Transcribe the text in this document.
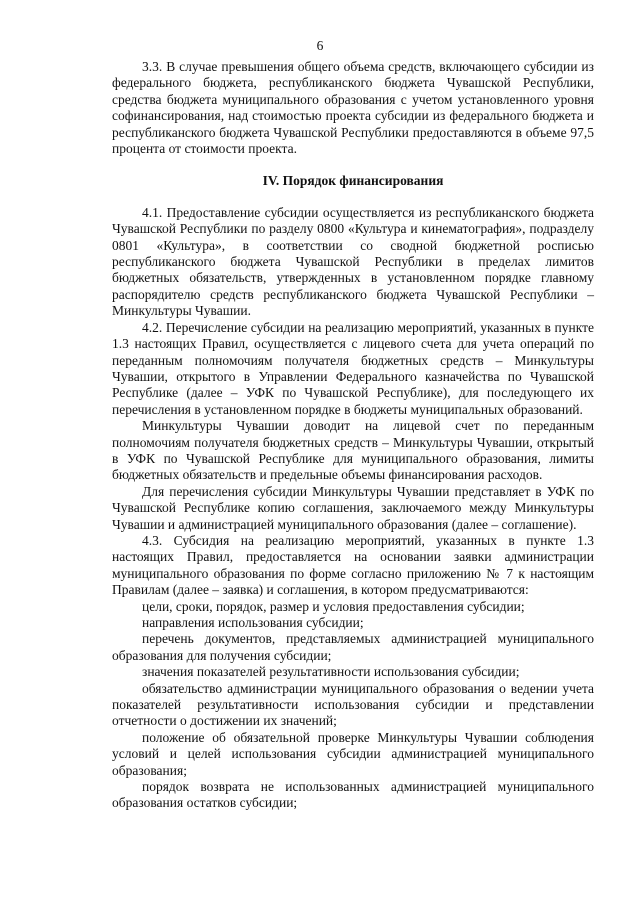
6

3.3. В случае превышения общего объема средств, включающего субсидии из федерального бюджета, республиканского бюджета Чувашской Республики, средства бюджета муниципального образования с учетом установленного уровня софинансирования, над стоимостью проекта субсидии из федерального бюджета и республиканского бюджета Чувашской Республики предоставляются в объеме 97,5 процента от стоимости проекта.

IV. Порядок финансирования

4.1. Предоставление субсидии осуществляется из республиканского бюджета Чувашской Республики по разделу 0800 «Культура и кинематография», подразделу 0801 «Культура», в соответствии со сводной бюджетной росписью республиканского бюджета Чувашской Республики в пределах лимитов бюджетных обязательств, утвержденных в установленном порядке главному распорядителю средств республиканского бюджета Чувашской Республики – Минкультуры Чувашии.

4.2. Перечисление субсидии на реализацию мероприятий, указанных в пункте 1.3 настоящих Правил, осуществляется с лицевого счета для учета операций по переданным полномочиям получателя бюджетных средств – Минкультуры Чувашии, открытого в Управлении Федерального казначейства по Чувашской Республике (далее – УФК по Чувашской Республике), для последующего их перечисления в установленном порядке в бюджеты муниципальных образований.

Минкультуры Чувашии доводит на лицевой счет по переданным полномочиям получателя бюджетных средств – Минкультуры Чувашии, открытый в УФК по Чувашской Республике для муниципального образования, лимиты бюджетных обязательств и предельные объемы финансирования расходов.

Для перечисления субсидии Минкультуры Чувашии представляет в УФК по Чувашской Республике копию соглашения, заключаемого между Минкультуры Чувашии и администрацией муниципального образования (далее – соглашение).

4.3. Субсидия на реализацию мероприятий, указанных в пункте 1.3 настоящих Правил, предоставляется на основании заявки администрации муниципального образования по форме согласно приложению № 7 к настоящим Правилам (далее – заявка) и соглашения, в котором предусматриваются:

цели, сроки, порядок, размер и условия предоставления субсидии;

направления использования субсидии;

перечень документов, представляемых администрацией муниципального образования для получения субсидии;

значения показателей результативности использования субсидии;

обязательство администрации муниципального образования о ведении учета показателей результативности использования субсидии и представлении отчетности о достижении их значений;

положение об обязательной проверке Минкультуры Чувашии соблюдения условий и целей использования субсидии администрацией муниципального образования;

порядок возврата не использованных администрацией муниципального образования остатков субсидии;
